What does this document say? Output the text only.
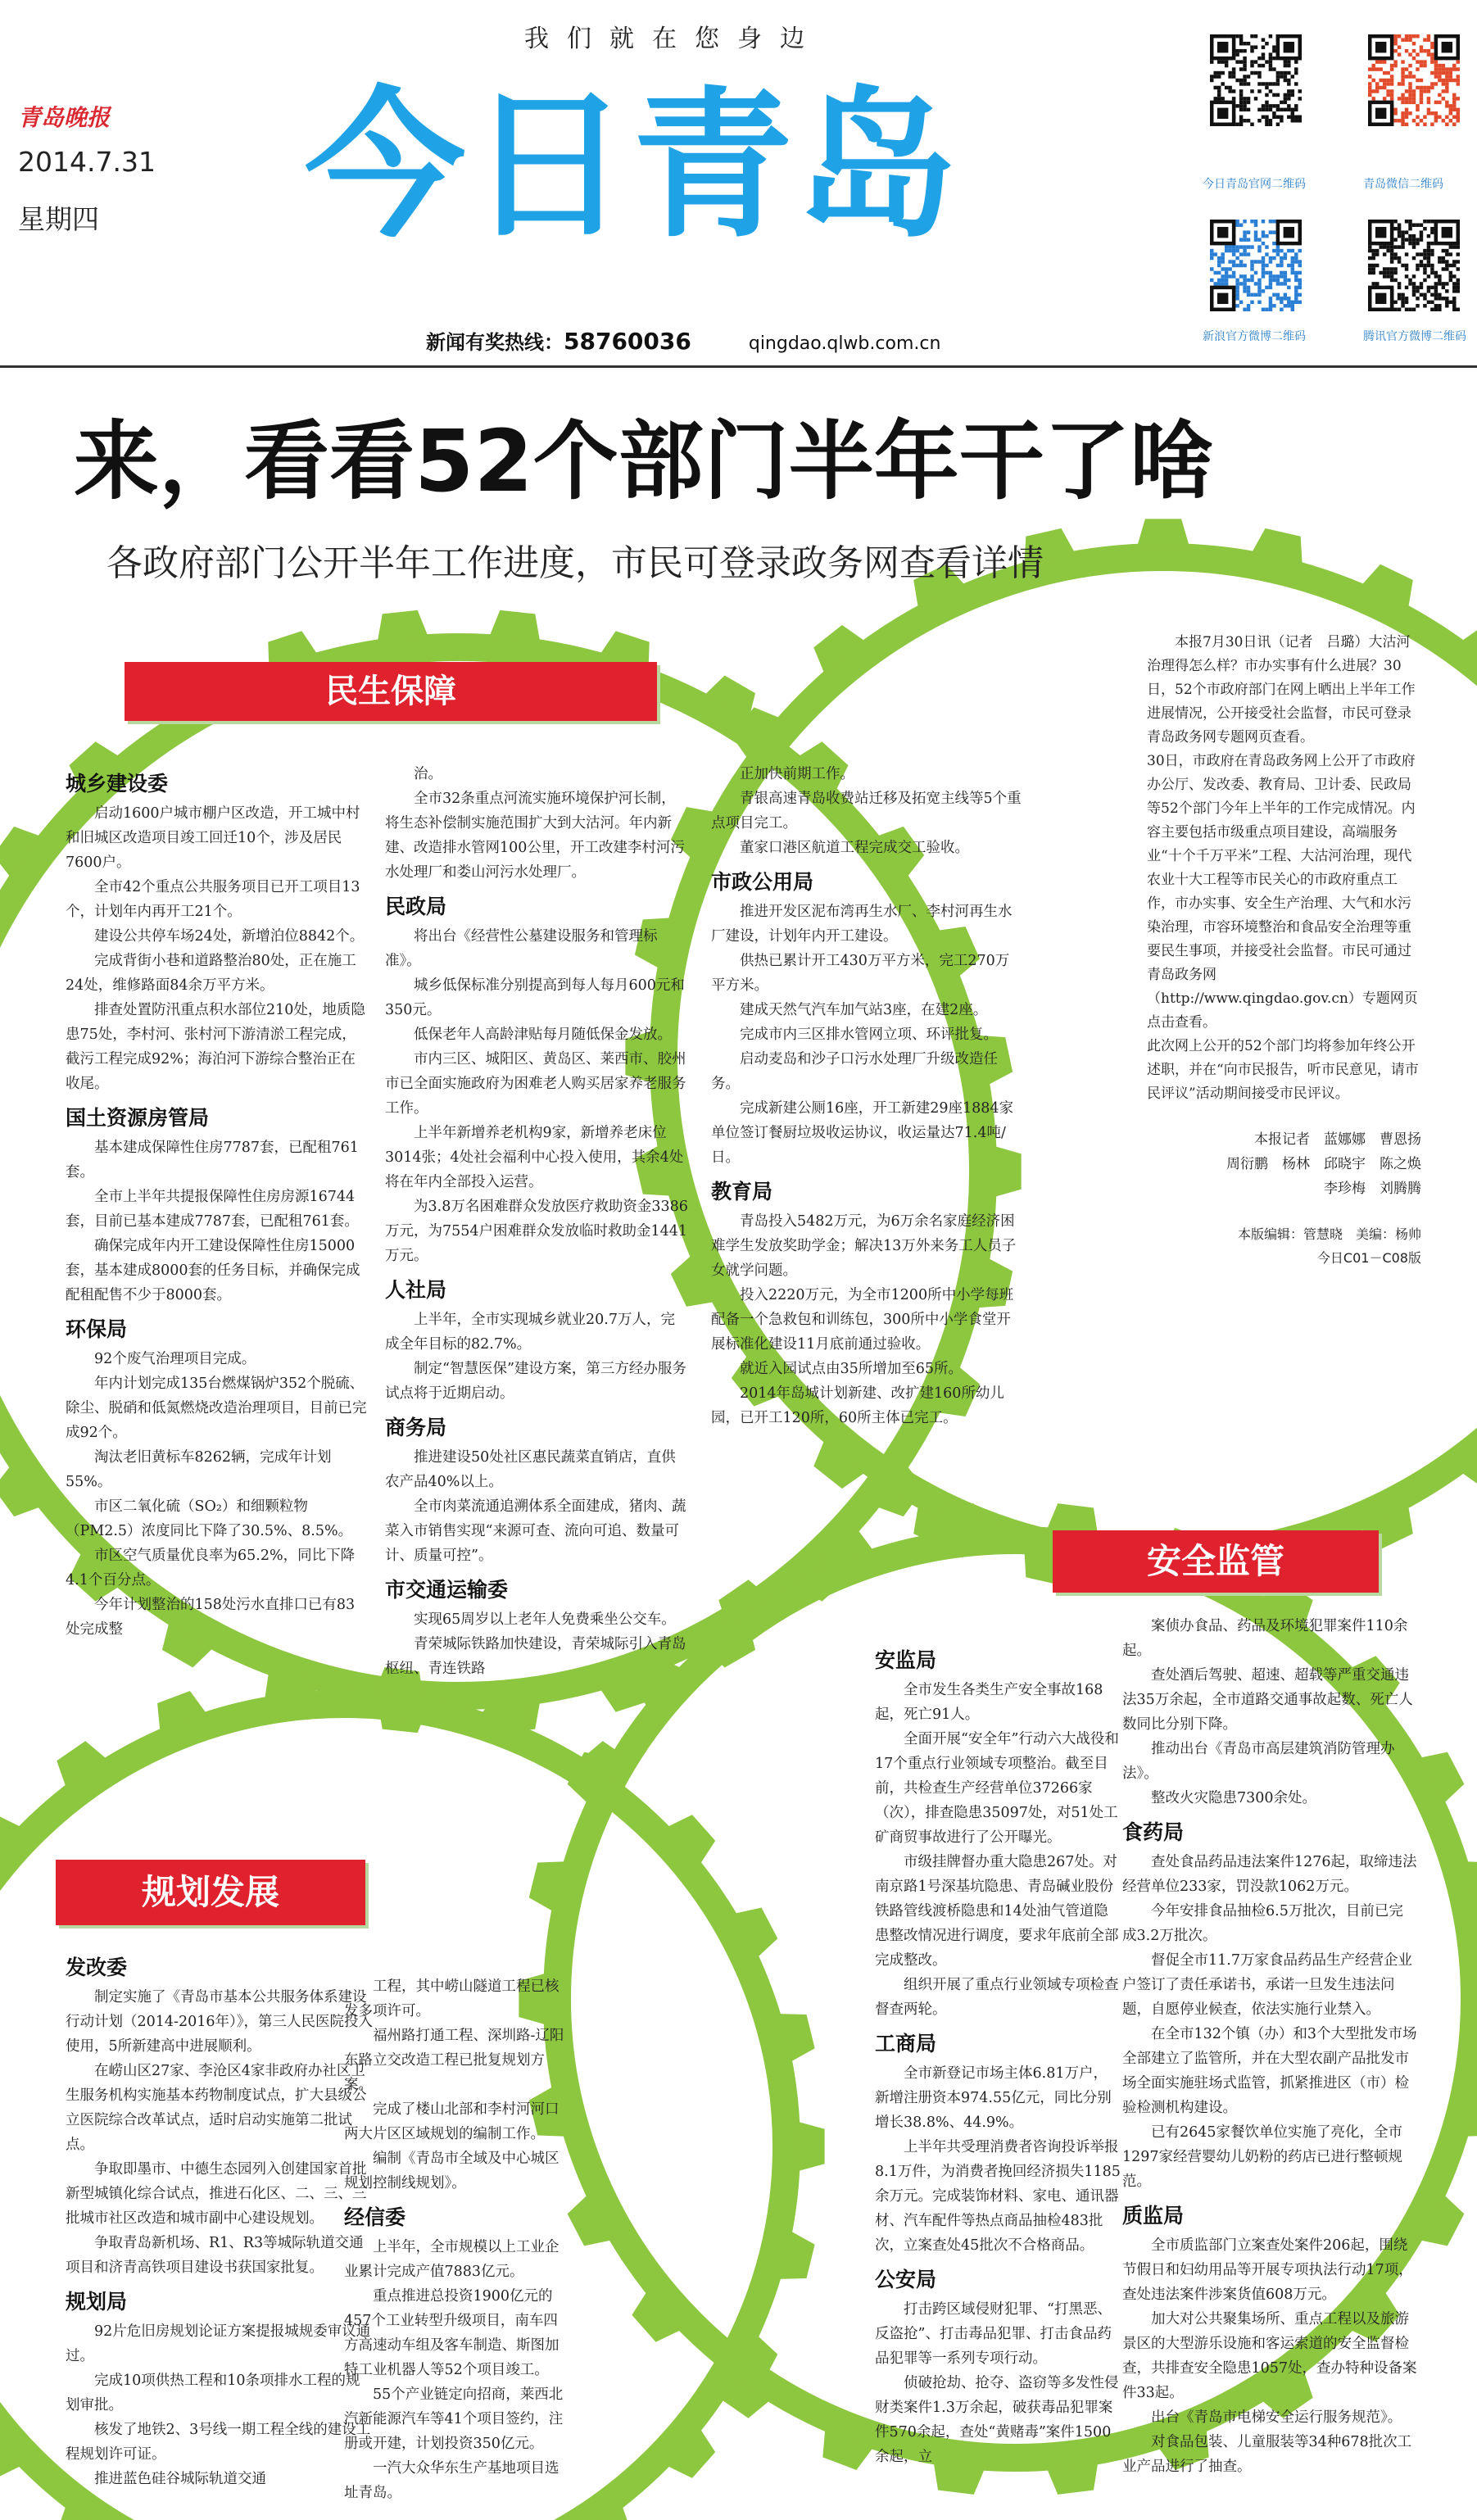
我们就在您身边
青岛晚报
2014.7.31
星期四 今日青岛
新闻有奖热线：58760036	qingdao.qlwb.com.cn
今日青岛官网二维码	青岛微信二维码
新浪官方微博二维码	腾讯官方微博二维码
来，看看52个部门半年干了啥
各政府部门公开半年工作进度，市民可登录政务网查看详情
民生保障
安全监管
规划发展

本报7月30日讯（记者　吕璐）大沽河治理得怎么样？市办实事有什么进展？30日，52个市政府部门在网上晒出上半年工作进展情况，公开接受社会监督，市民可登录青岛政务网专题网页查看。
30日，市政府在青岛政务网上公开了市政府办公厅、发改委、教育局、卫计委、民政局等52个部门今年上半年的工作完成情况。内容主要包括市级重点项目建设，高端服务业“十个千万平米”工程、大沽河治理，现代农业十大工程等市民关心的市政府重点工作，市办实事、安全生产治理、大气和水污染治理，市容环境整治和食品安全治理等重要民生事项，并接受社会监督。市民可通过青岛政务网（http://www.qingdao.gov.cn）专题网页点击查看。
此次网上公开的52个部门均将参加年终公开述职，并在“向市民报告，听市民意见，请市民评议”活动期间接受市民评议。

本报记者　蓝娜娜　曹恩扬
周衍鹏　杨林　邱晓宇　陈之焕
李珍梅　刘腾腾
本版编辑：管慧晓　美编：杨帅
今日C01－C08版
城乡建设委

启动1600户城市棚户区改造，开工城中村和旧城区改造项目竣工回迁10个，涉及居民7600户。

全市42个重点公共服务项目已开工项目13个，计划年内再开工21个。

建设公共停车场24处，新增泊位8842个。

完成背街小巷和道路整治80处，正在施工24处，维修路面84余万平方米。

排查处置防汛重点积水部位210处，地质隐患75处，李村河、张村河下游清淤工程完成，截污工程完成92%；海泊河下游综合整治正在收尾。

国土资源房管局

基本建成保障性住房7787套，已配租761套。

全市上半年共提报保障性住房房源16744套，目前已基本建成7787套，已配租761套。

确保完成年内开工建设保障性住房15000套，基本建成8000套的任务目标，并确保完成配租配售不少于8000套。

环保局

92个废气治理项目完成。

年内计划完成135台燃煤锅炉352个脱硫、除尘、脱硝和低氮燃烧改造治理项目，目前已完成92个。

淘汰老旧黄标车8262辆，完成年计划55%。

市区二氧化硫（SO₂）和细颗粒物（PM2.5）浓度同比下降了30.5%、8.5%。

市区空气质量优良率为65.2%，同比下降4.1个百分点。

今年计划整治的158处污水直排口已有83处完成整

治。

全市32条重点河流实施环境保护河长制，将生态补偿制实施范围扩大到大沽河。年内新建、改造排水管网100公里，开工改建李村河污水处理厂和娄山河污水处理厂。

民政局

将出台《经营性公墓建设服务和管理标准》。

城乡低保标准分别提高到每人每月600元和350元。

低保老年人高龄津贴每月随低保金发放。

市内三区、城阳区、黄岛区、莱西市、胶州市已全面实施政府为困难老人购买居家养老服务工作。

上半年新增养老机构9家，新增养老床位3014张；4处社会福利中心投入使用，其余4处将在年内全部投入运营。

为3.8万名困难群众发放医疗救助资金3386万元，为7554户困难群众发放临时救助金1441万元。

人社局

上半年，全市实现城乡就业20.7万人，完成全年目标的82.7%。

制定“智慧医保”建设方案，第三方经办服务试点将于近期启动。

商务局

推进建设50处社区惠民蔬菜直销店，直供农产品40%以上。

全市肉菜流通追溯体系全面建成，猪肉、蔬菜入市销售实现“来源可查、流向可追、数量可计、质量可控”。

市交通运输委

实现65周岁以上老年人免费乘坐公交车。

青荣城际铁路加快建设，青荣城际引入青岛枢纽、青连铁路

正加快前期工作。

青银高速青岛收费站迁移及拓宽主线等5个重点项目完工。

董家口港区航道工程完成交工验收。

市政公用局

推进开发区泥布湾再生水厂、李村河再生水厂建设，计划年内开工建设。

供热已累计开工430万平方米，完工270万平方米。

建成天然气汽车加气站3座，在建2座。

完成市内三区排水管网立项、环评批复。

启动麦岛和沙子口污水处理厂升级改造任务。

完成新建公厕16座，开工新建29座1884家单位签订餐厨垃圾收运协议，收运量达71.4吨/日。

教育局

青岛投入5482万元，为6万余名家庭经济困难学生发放奖助学金；解决13万外来务工人员子女就学问题。

投入2220万元，为全市1200所中小学每班配备一个急救包和训练包，300所中小学食堂开展标准化建设11月底前通过验收。

就近入园试点由35所增加至65所。

2014年岛城计划新建、改扩建160所幼儿园，已开工120所，60所主体已完工。

安监局

全市发生各类生产安全事故168起，死亡91人。

全面开展“安全年”行动六大战役和17个重点行业领域专项整治。截至目前，共检查生产经营单位37266家（次），排查隐患35097处，对51处工矿商贸事故进行了公开曝光。

市级挂牌督办重大隐患267处。对南京路1号深基坑隐患、青岛碱业股份铁路管线渡桥隐患和14处油气管道隐患整改情况进行调度，要求年底前全部完成整改。

组织开展了重点行业领域专项检查督查两轮。

工商局

全市新登记市场主体6.81万户，新增注册资本974.55亿元，同比分别增长38.8%、44.9%。

上半年共受理消费者咨询投诉举报8.1万件，为消费者挽回经济损失1185余万元。完成装饰材料、家电、通讯器材、汽车配件等热点商品抽检483批次，立案查处45批次不合格商品。

公安局

打击跨区域侵财犯罪、“打黑恶、反盗抢”、打击毒品犯罪、打击食品药品犯罪等一系列专项行动。

侦破抢劫、抢夺、盗窃等多发性侵财类案件1.3万余起，破获毒品犯罪案件570余起，查处“黄赌毒”案件1500余起，立

案侦办食品、药品及环境犯罪案件110余起。

查处酒后驾驶、超速、超载等严重交通违法35万余起，全市道路交通事故起数、死亡人数同比分别下降。

推动出台《青岛市高层建筑消防管理办法》。

整改火灾隐患7300余处。

食药局

查处食品药品违法案件1276起，取缔违法经营单位233家，罚没款1062万元。

今年安排食品抽检6.5万批次，目前已完成3.2万批次。

督促全市11.7万家食品药品生产经营企业户签订了责任承诺书，承诺一旦发生违法问题，自愿停业候查，依法实施行业禁入。

在全市132个镇（办）和3个大型批发市场全部建立了监管所，并在大型农副产品批发市场全面实施驻场式监管，抓紧推进区（市）检验检测机构建设。

已有2645家餐饮单位实施了亮化，全市1297家经营婴幼儿奶粉的药店已进行整顿规范。

质监局

全市质监部门立案查处案件206起，围绕节假日和妇幼用品等开展专项执法行动17项，查处违法案件涉案货值608万元。

加大对公共聚集场所、重点工程以及旅游景区的大型游乐设施和客运索道的安全监督检查，共排查安全隐患1057处，查办特种设备案件33起。

出台《青岛市电梯安全运行服务规范》。

对食品包装、儿童服装等34种678批次工业产品进行了抽查。

发改委

制定实施了《青岛市基本公共服务体系建设行动计划（2014-2016年）》，第三人民医院投入使用，5所新建高中进展顺利。

在崂山区27家、李沧区4家非政府办社区卫生服务机构实施基本药物制度试点，扩大县级公立医院综合改革试点，适时启动实施第二批试点。

争取即墨市、中德生态园列入创建国家首批新型城镇化综合试点，推进石化区、二、三、三批城市社区改造和城市副中心建设规划。

争取青岛新机场、R1、R3等城际轨道交通项目和济青高铁项目建设书获国家批复。

规划局

92片危旧房规划论证方案提报城规委审议通过。

完成10项供热工程和10条项排水工程的规划审批。

核发了地铁2、3号线一期工程全线的建设工程规划许可证。

推进蓝色硅谷城际轨道交通

工程，其中崂山隧道工程已核发多项许可。

福州路打通工程、深圳路-辽阳东路立交改造工程已批复规划方案。

完成了楼山北部和李村河河口两大片区区域规划的编制工作。

编制《青岛市全域及中心城区规划控制线规划》。

经信委

上半年，全市规模以上工业企业累计完成产值7883亿元。

重点推进总投资1900亿元的457个工业转型升级项目，南车四方高速动车组及客车制造、斯图加特工业机器人等52个项目竣工。

55个产业链定向招商，莱西北汽新能源汽车等41个项目签约，注册或开建，计划投资350亿元。

一汽大众华东生产基地项目选址青岛。
